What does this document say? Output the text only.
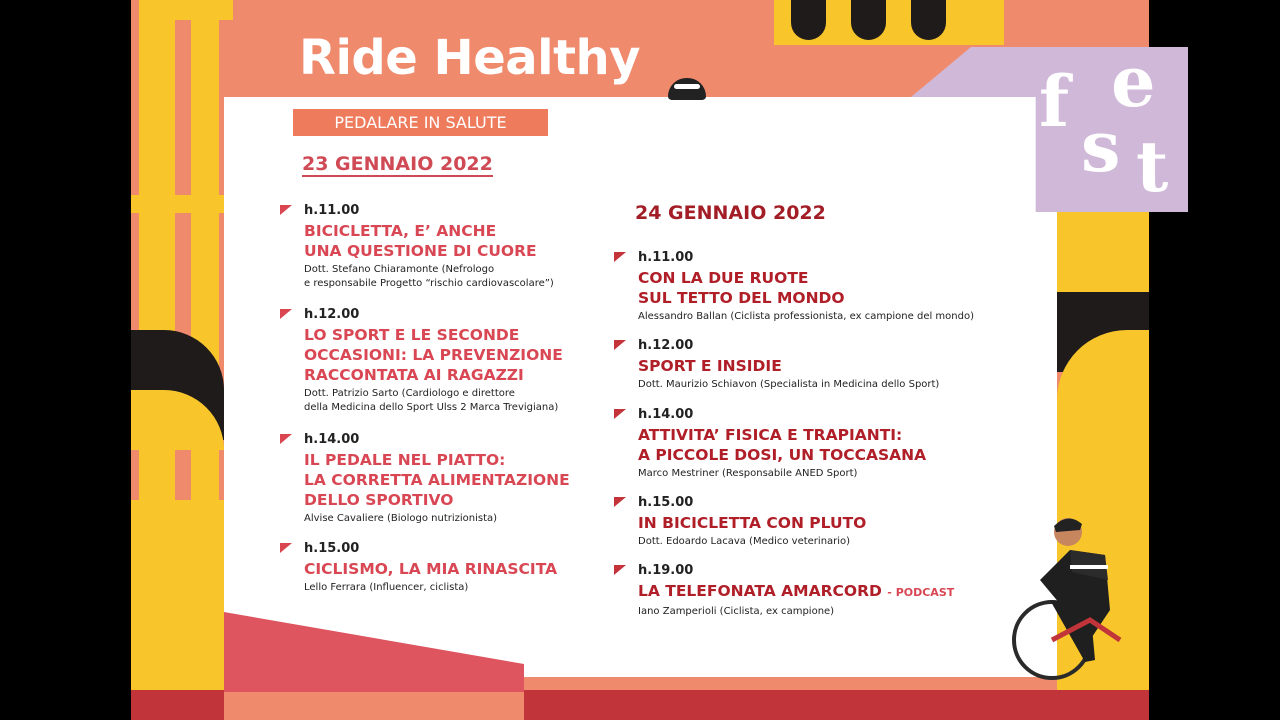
f e
s t
Ride Healthy
PEDALARE IN SALUTE
23 GENNAIO 2022
h.11.00
BICICLETTA, E’ ANCHE
UNA QUESTIONE DI CUORE
Dott. Stefano Chiaramonte (Nefrologo
e responsabile Progetto “rischio cardiovascolare”)
h.12.00
LO SPORT E LE SECONDE
OCCASIONI: LA PREVENZIONE
RACCONTATA AI RAGAZZI
Dott. Patrizio Sarto (Cardiologo e direttore
della Medicina dello Sport Ulss 2 Marca Trevigiana)
h.14.00
IL PEDALE NEL PIATTO:
LA CORRETTA ALIMENTAZIONE
DELLO SPORTIVO
Alvise Cavaliere (Biologo nutrizionista)
h.15.00
CICLISMO, LA MIA RINASCITA
Lello Ferrara (Influencer, ciclista)
24 GENNAIO 2022
h.11.00
CON LA DUE RUOTE
SUL TETTO DEL MONDO
Alessandro Ballan (Ciclista professionista, ex campione del mondo)
h.12.00
SPORT E INSIDIE
Dott. Maurizio Schiavon (Specialista in Medicina dello Sport)
h.14.00
ATTIVITA’ FISICA E TRAPIANTI:
A PICCOLE DOSI, UN TOCCASANA
Marco Mestriner (Responsabile ANED Sport)
h.15.00
IN BICICLETTA CON PLUTO
Dott. Edoardo Lacava (Medico veterinario)
h.19.00
LA TELEFONATA AMARCORD - PODCAST
Iano Zamperioli (Ciclista, ex campione)
